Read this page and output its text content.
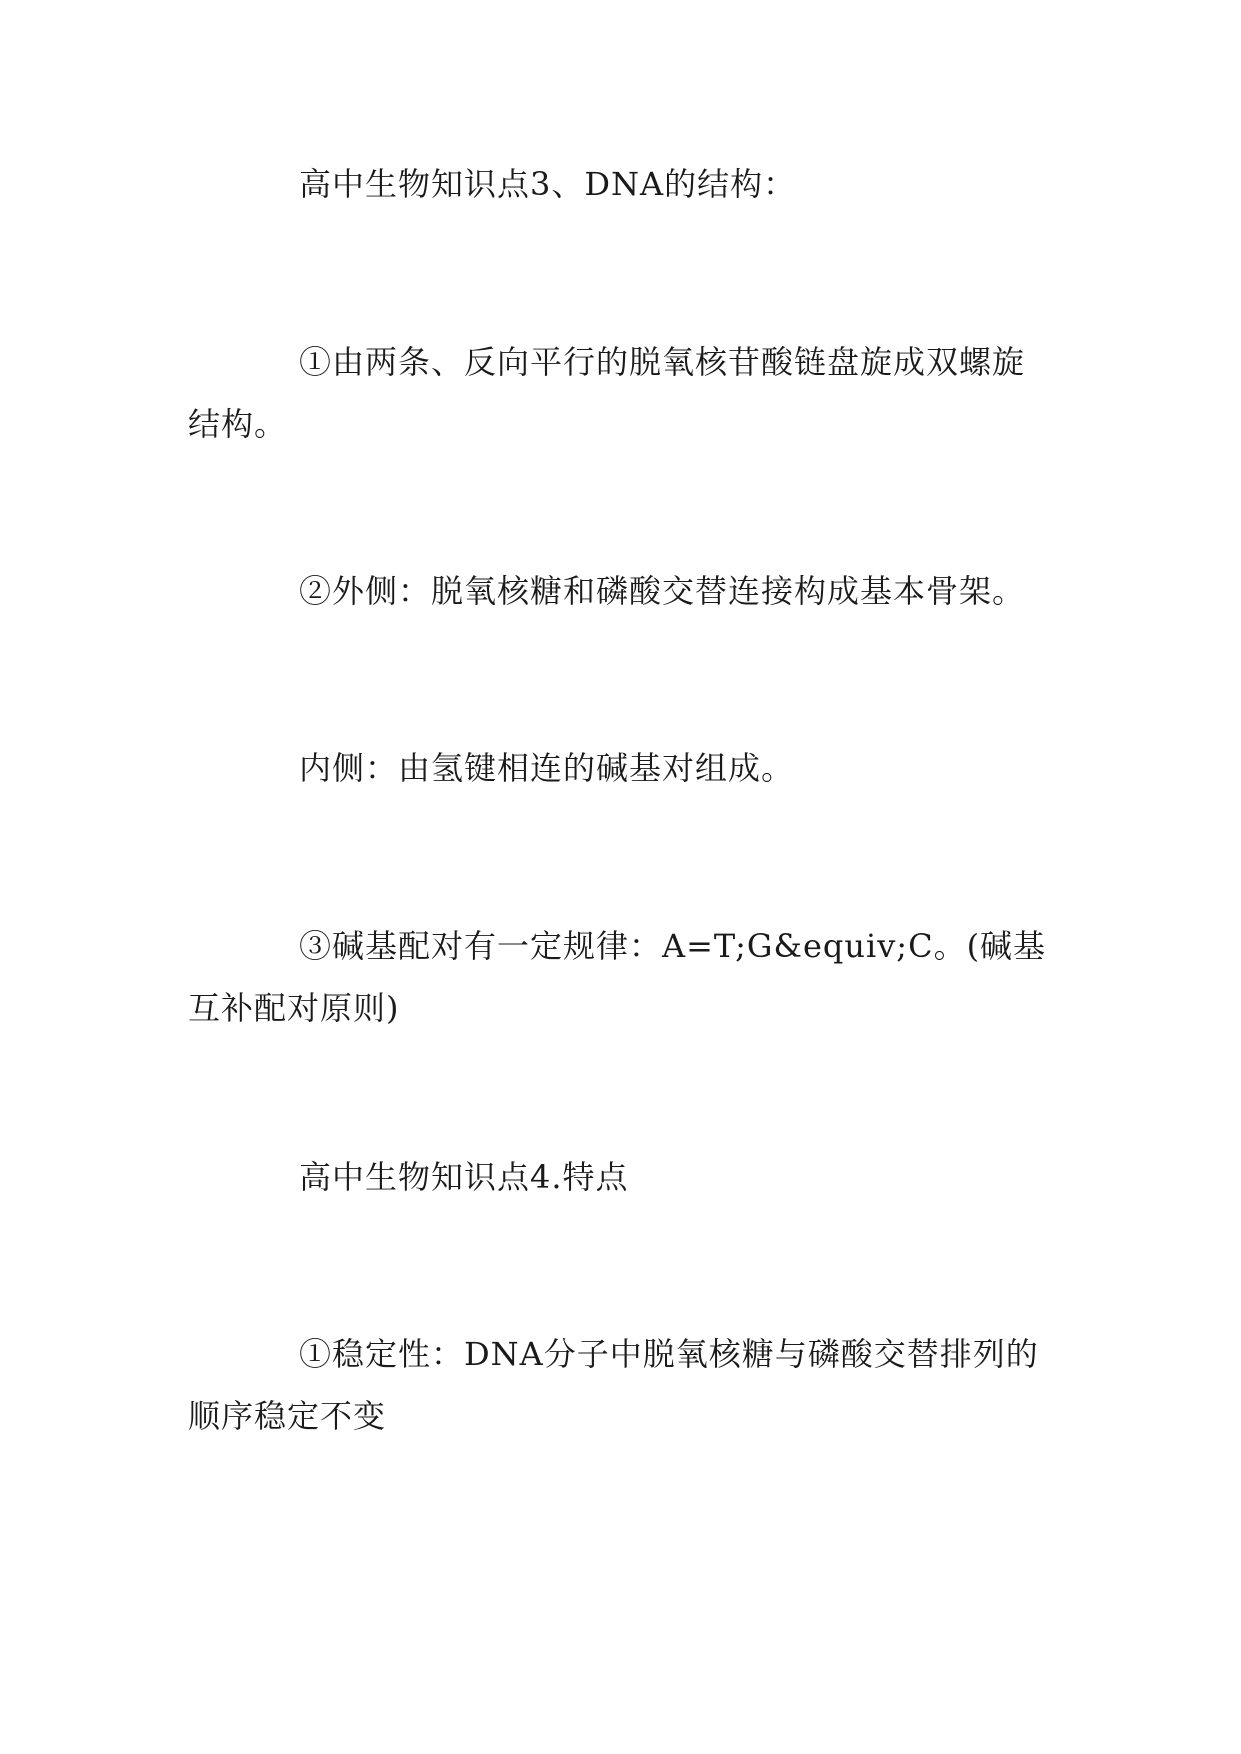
高中生物知识点3、DNA的结构：

①由两条、反向平行的脱氧核苷酸链盘旋成双螺旋结构。

②外侧：脱氧核糖和磷酸交替连接构成基本骨架。

内侧：由氢键相连的碱基对组成。

③碱基配对有一定规律：A=T;G&equiv;C。(碱基互补配对原则)

高中生物知识点4.特点

①稳定性：DNA分子中脱氧核糖与磷酸交替排列的顺序稳定不变
